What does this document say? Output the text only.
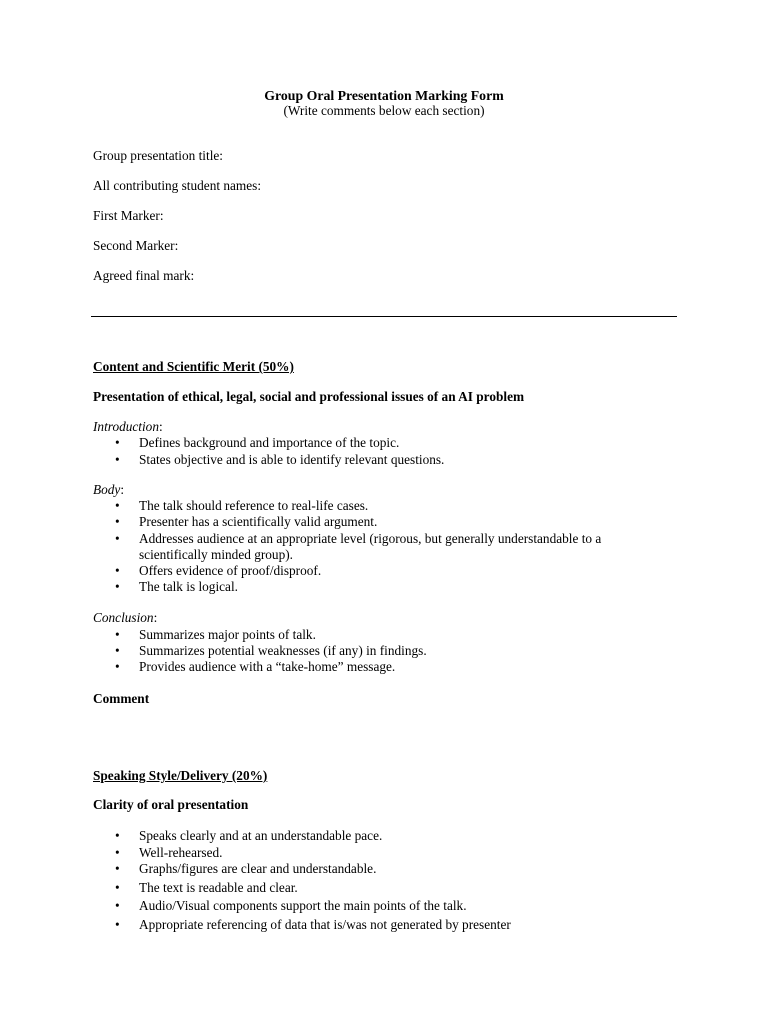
Group Oral Presentation Marking Form
(Write comments below each section)
Group presentation title:
All contributing student names:
First Marker:
Second Marker:
Agreed final mark:
Content and Scientific Merit (50%)
Presentation of ethical, legal, social and professional issues of an AI problem
Introduction:
• Defines background and importance of the topic.
• States objective and is able to identify relevant questions.
Body:
• The talk should reference to real-life cases.
• Presenter has a scientifically valid argument.
• Addresses audience at an appropriate level (rigorous, but generally understandable to a scientifically minded group).
• Offers evidence of proof/disproof.
• The talk is logical.
Conclusion:
• Summarizes major points of talk.
• Summarizes potential weaknesses (if any) in findings.
• Provides audience with a “take-home” message.
Comment
Speaking Style/Delivery (20%)
Clarity of oral presentation
• Speaks clearly and at an understandable pace.
• Well-rehearsed.
• Graphs/figures are clear and understandable.
• The text is readable and clear.
• Audio/Visual components support the main points of the talk.
• Appropriate referencing of data that is/was not generated by presenter
